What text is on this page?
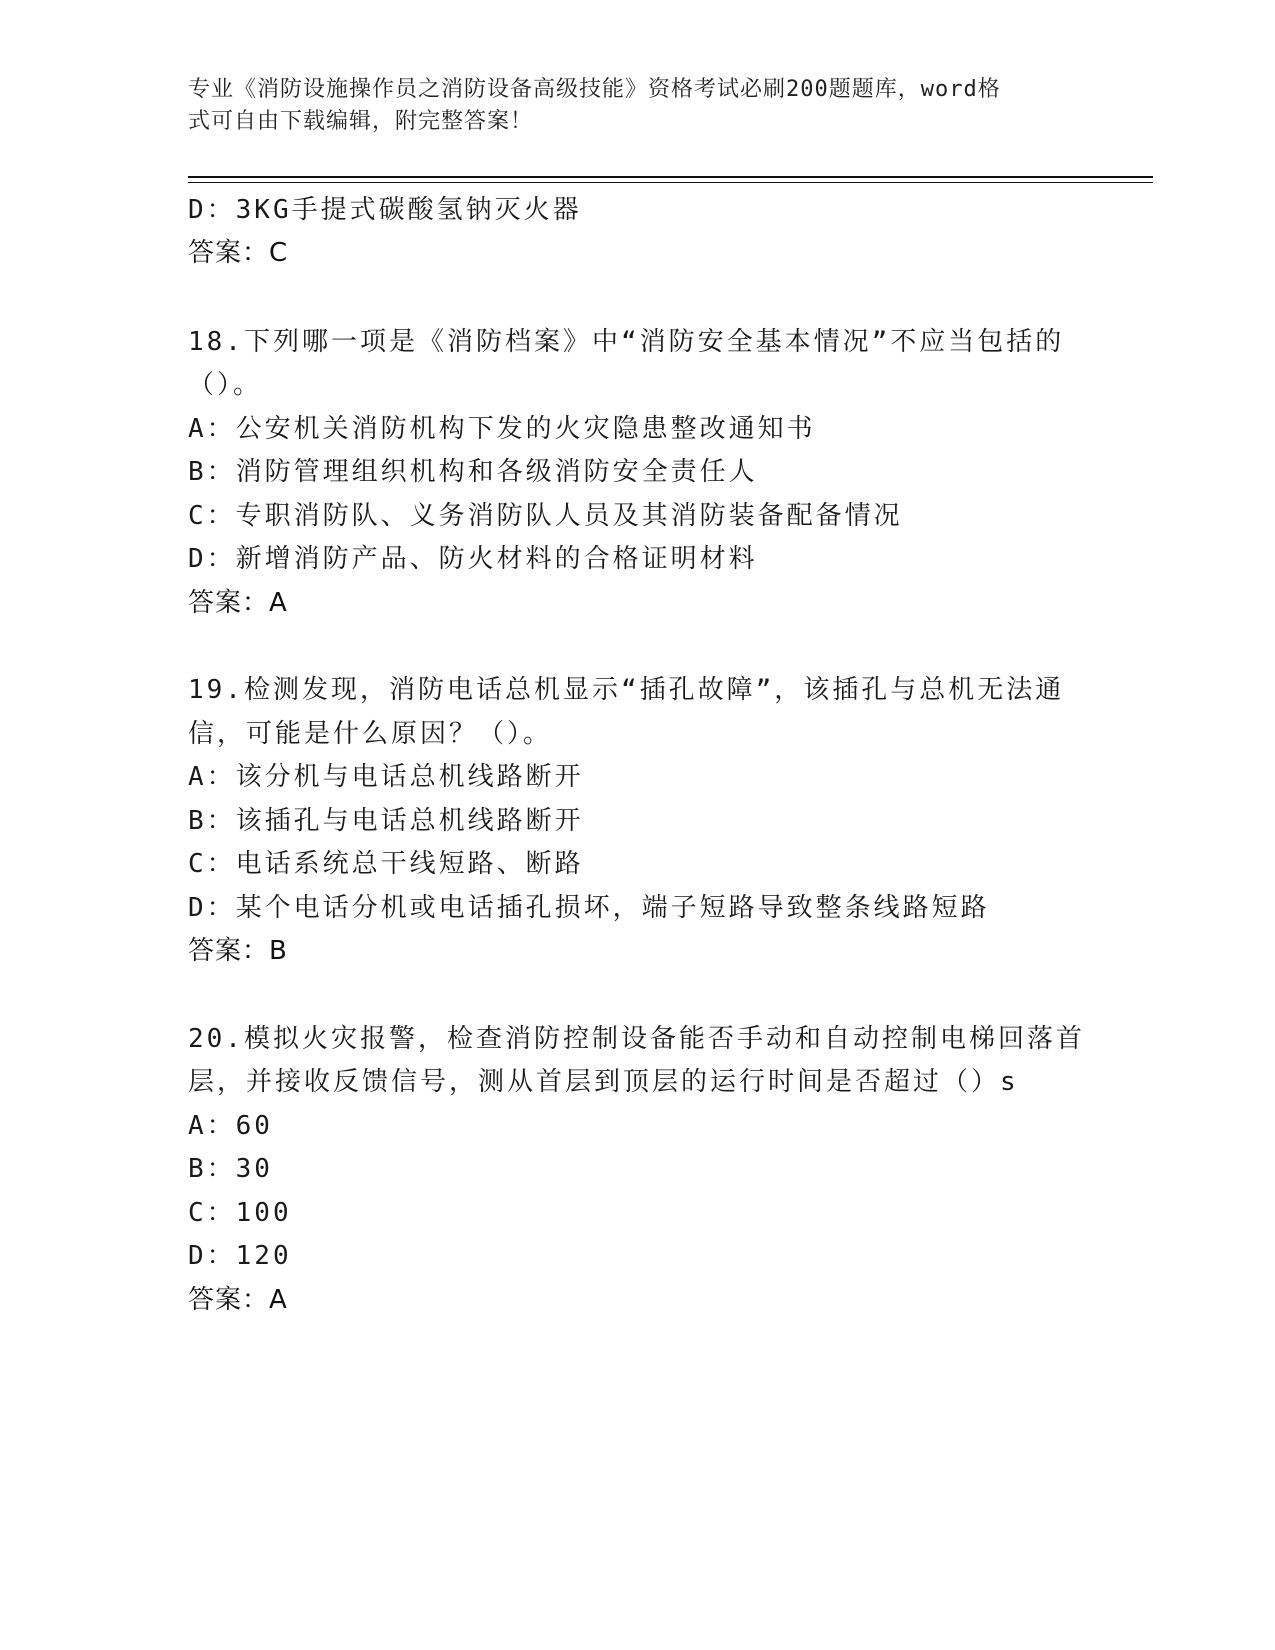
专业《消防设施操作员之消防设备高级技能》资格考试必刷200题题库，word格
式可自由下载编辑，附完整答案！
D：3KG手提式碳酸氢钠灭火器
答案：C
18.下列哪一项是《消防档案》中“消防安全基本情况”不应当包括的
（）。
A：公安机关消防机构下发的火灾隐患整改通知书
B：消防管理组织机构和各级消防安全责任人
C：专职消防队、义务消防队人员及其消防装备配备情况
D：新增消防产品、防火材料的合格证明材料
答案：A
19.检测发现，消防电话总机显示“插孔故障”，该插孔与总机无法通
信，可能是什么原因？（）。
A：该分机与电话总机线路断开
B：该插孔与电话总机线路断开
C：电话系统总干线短路、断路
D：某个电话分机或电话插孔损坏，端子短路导致整条线路短路
答案：B
20.模拟火灾报警，检查消防控制设备能否手动和自动控制电梯回落首
层，并接收反馈信号，测从首层到顶层的运行时间是否超过（）s
A：60
B：30
C：100
D：120
答案：A
